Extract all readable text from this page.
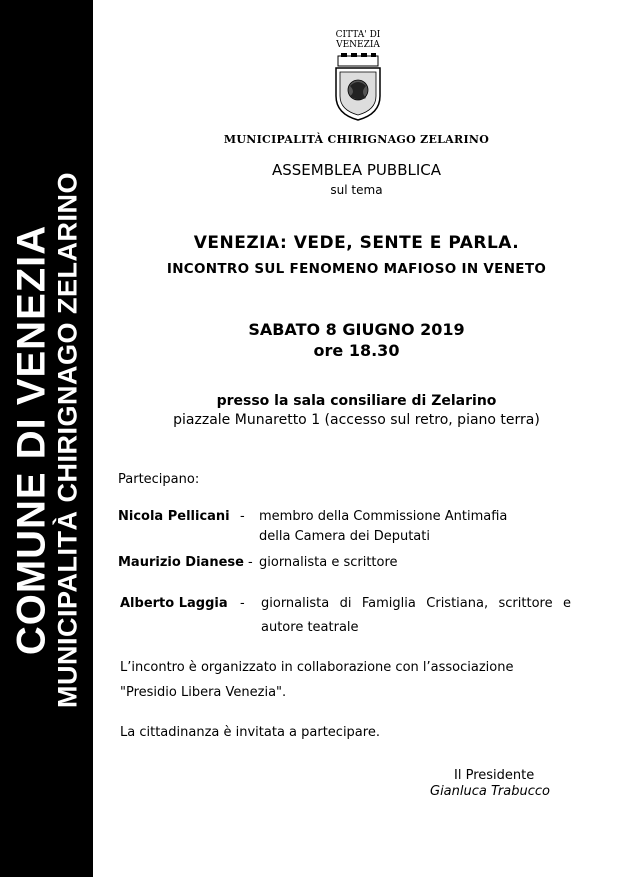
COMUNE DI VENEZIA MUNICIPALITÀ CHIRIGNAGO ZELARINO
CITTA' DI
VENEZIA
MUNICIPALITÀ CHIRIGNAGO ZELARINO
ASSEMBLEA PUBBLICA
sul tema
VENEZIA: VEDE, SENTE E PARLA.
INCONTRO SUL FENOMENO MAFIOSO IN VENETO
SABATO 8 GIUGNO 2019
ore 18.30
presso la sala consiliare di Zelarino
piazzale Munaretto 1 (accesso sul retro, piano terra)
Partecipano:
Nicola Pellicani - membro della Commissione Antimafia
della Camera dei Deputati
Maurizio Dianese - giornalista e scrittore
Alberto Laggia - giornalista di Famiglia Cristiana, scrittore e
autore teatrale
L’incontro è organizzato in collaborazione con l’associazione
"Presidio Libera Venezia".
La cittadinanza è invitata a partecipare.
Il Presidente
Gianluca Trabucco
